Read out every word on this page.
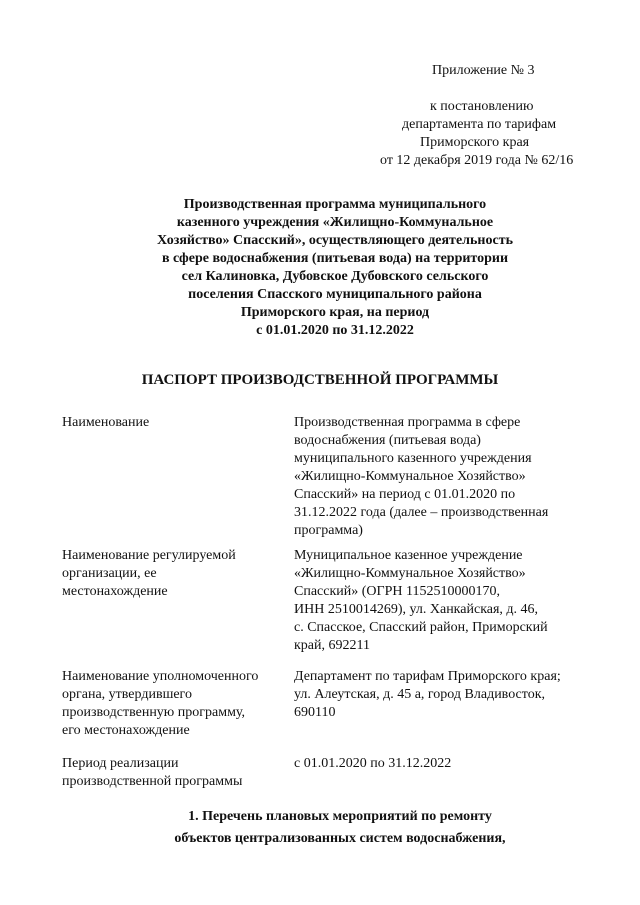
Приложение № 3
к постановлению
департамента по тарифам
Приморского края
от 12 декабря 2019 года № 62/16
Производственная программа муниципального
казенного учреждения «Жилищно-Коммунальное
Хозяйство» Спасский», осуществляющего деятельность
в сфере водоснабжения (питьевая вода) на территории
сел Калиновка, Дубовское Дубовского сельского
поселения Спасского муниципального района
Приморского края, на период
с 01.01.2020 по 31.12.2022
ПАСПОРТ ПРОИЗВОДСТВЕННОЙ ПРОГРАММЫ
Наименование	Производственная программа в сфере
водоснабжения (питьевая вода)
муниципального казенного учреждения
«Жилищно-Коммунальное Хозяйство»
Спасский» на период с 01.01.2020 по
31.12.2022 года (далее – производственная
программа)
Наименование регулируемой
организации, ее
местонахождение
Муниципальное казенное учреждение
«Жилищно-Коммунальное Хозяйство»
Спасский» (ОГРН 1152510000170,
ИНН 2510014269), ул. Ханкайская, д. 46,
с. Спасское, Спасский район, Приморский
край, 692211
Наименование уполномоченного
органа, утвердившего
производственную программу,
его местонахождение
Департамент по тарифам Приморского края;
ул. Алеутская, д. 45 а, город Владивосток,
690110
Период реализации
производственной программы
с 01.01.2020 по 31.12.2022
1. Перечень плановых мероприятий по ремонту
объектов централизованных систем водоснабжения,
